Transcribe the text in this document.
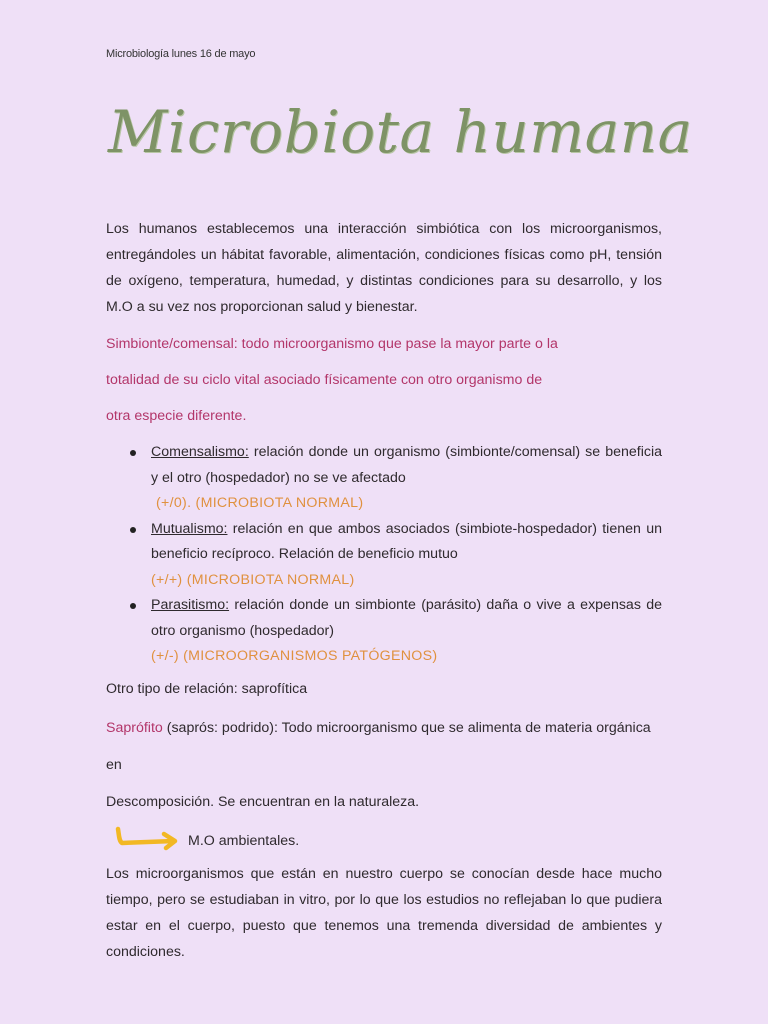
Microbiología lunes 16 de mayo
Microbiota humana

Los humanos establecemos una interacción simbiótica con los microorganismos, entregándoles un hábitat favorable, alimentación, condiciones físicas como pH, tensión de oxígeno, temperatura, humedad, y distintas condiciones para su desarrollo, y los M.O a su vez nos proporcionan salud y bienestar.

Simbionte/comensal: todo microorganismo que pase la mayor parte o la
totalidad de su ciclo vital asociado físicamente con otro organismo de
otra especie diferente.

Comensalismo: relación donde un organismo (simbionte/comensal) se beneficia y el otro (hospedador) no se ve afectado
(+/0). (MICROBIOTA NORMAL)
Mutualismo: relación en que ambos asociados (simbiote-hospedador) tienen un beneficio recíproco. Relación de beneficio mutuo
(+/+) (MICROBIOTA NORMAL)
Parasitismo: relación donde un simbionte (parásito) daña o vive a expensas de otro organismo (hospedador)
(+/-) (MICROORGANISMOS PATÓGENOS)

Otro tipo de relación: saprofítica

Saprófito (saprós: podrido): Todo microorganismo que se alimenta de materia orgánica en
Descomposición. Se encuentran en la naturaleza.

M.O ambientales.

Los microorganismos que están en nuestro cuerpo se conocían desde hace mucho tiempo, pero se estudiaban in vitro, por lo que los estudios no reflejaban lo que pudiera estar en el cuerpo, puesto que tenemos una tremenda diversidad de ambientes y condiciones.
